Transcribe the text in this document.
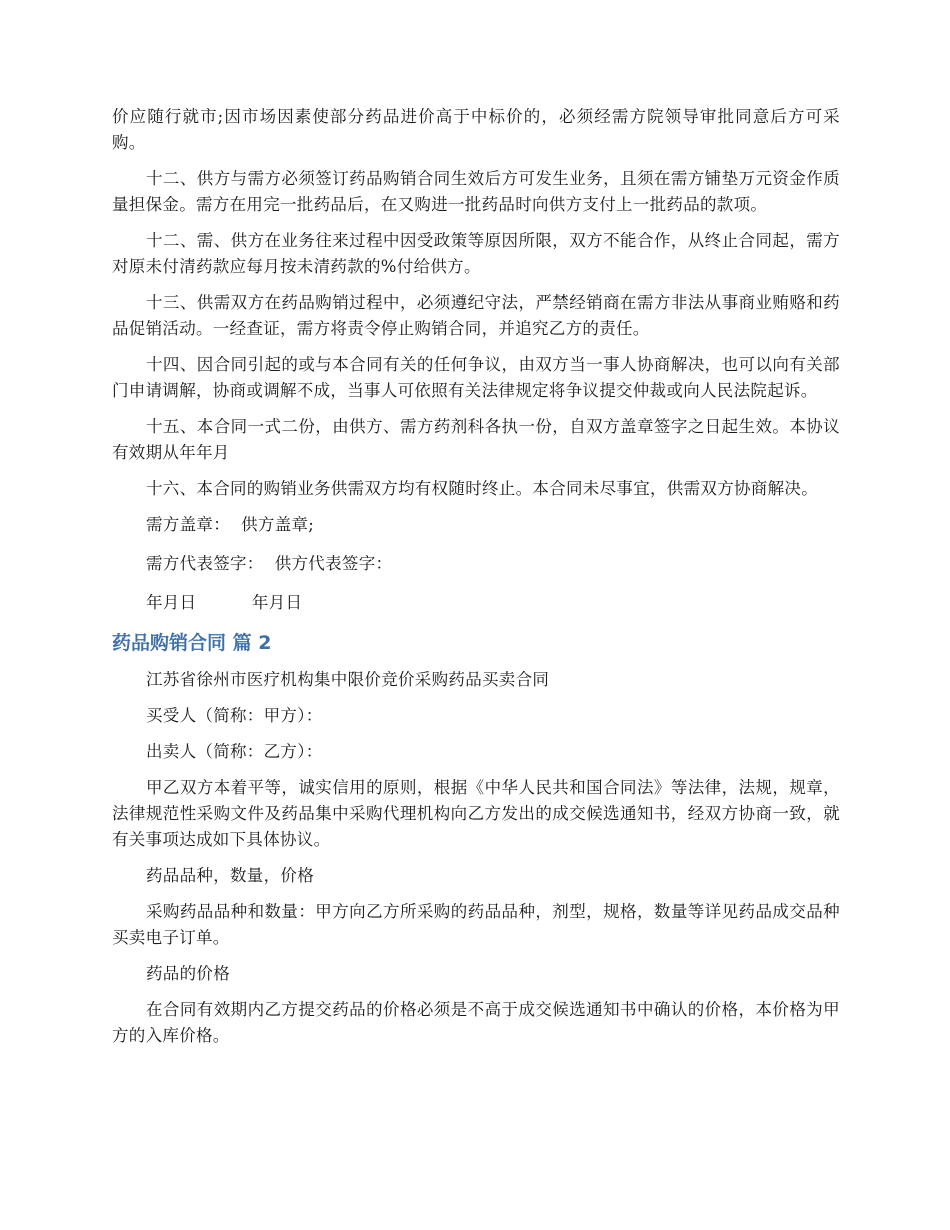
价应随行就市;因市场因素使部分药品进价高于中标价的，必须经需方院领导审批同意后方可采购。

十二、供方与需方必须签订药品购销合同生效后方可发生业务，且须在需方铺垫万元资金作质量担保金。需方在用完一批药品后，在又购进一批药品时向供方支付上一批药品的款项。

十二、需、供方在业务往来过程中因受政策等原因所限，双方不能合作，从终止合同起，需方对原未付清药款应每月按未清药款的%付给供方。

十三、供需双方在药品购销过程中，必须遵纪守法，严禁经销商在需方非法从事商业贿赂和药品促销活动。一经查证，需方将责令停止购销合同，并追究乙方的责任。

十四、因合同引起的或与本合同有关的任何争议，由双方当一事人协商解决，也可以向有关部门申请调解，协商或调解不成，当事人可依照有关法律规定将争议提交仲裁或向人民法院起诉。

十五、本合同一式二份，由供方、需方药剂科各执一份，自双方盖章签字之日起生效。本协议有效期从年年月

十六、本合同的购销业务供需双方均有权随时终止。本合同未尽事宜，供需双方协商解决。

需方盖章：  供方盖章;

需方代表签字：  供方代表签字：

年月日          年月日

药品购销合同 篇 2

江苏省徐州市医疗机构集中限价竞价采购药品买卖合同

买受人（简称：甲方）：

出卖人（简称：乙方）：

甲乙双方本着平等，诚实信用的原则，根据《中华人民共和国合同法》等法律，法规，规章，法律规范性采购文件及药品集中采购代理机构向乙方发出的成交候选通知书，经双方协商一致，就有关事项达成如下具体协议。

药品品种，数量，价格

采购药品品种和数量：甲方向乙方所采购的药品品种，剂型，规格，数量等详见药品成交品种买卖电子订单。

药品的价格

在合同有效期内乙方提交药品的价格必须是不高于成交候选通知书中确认的价格，本价格为甲方的入库价格。
